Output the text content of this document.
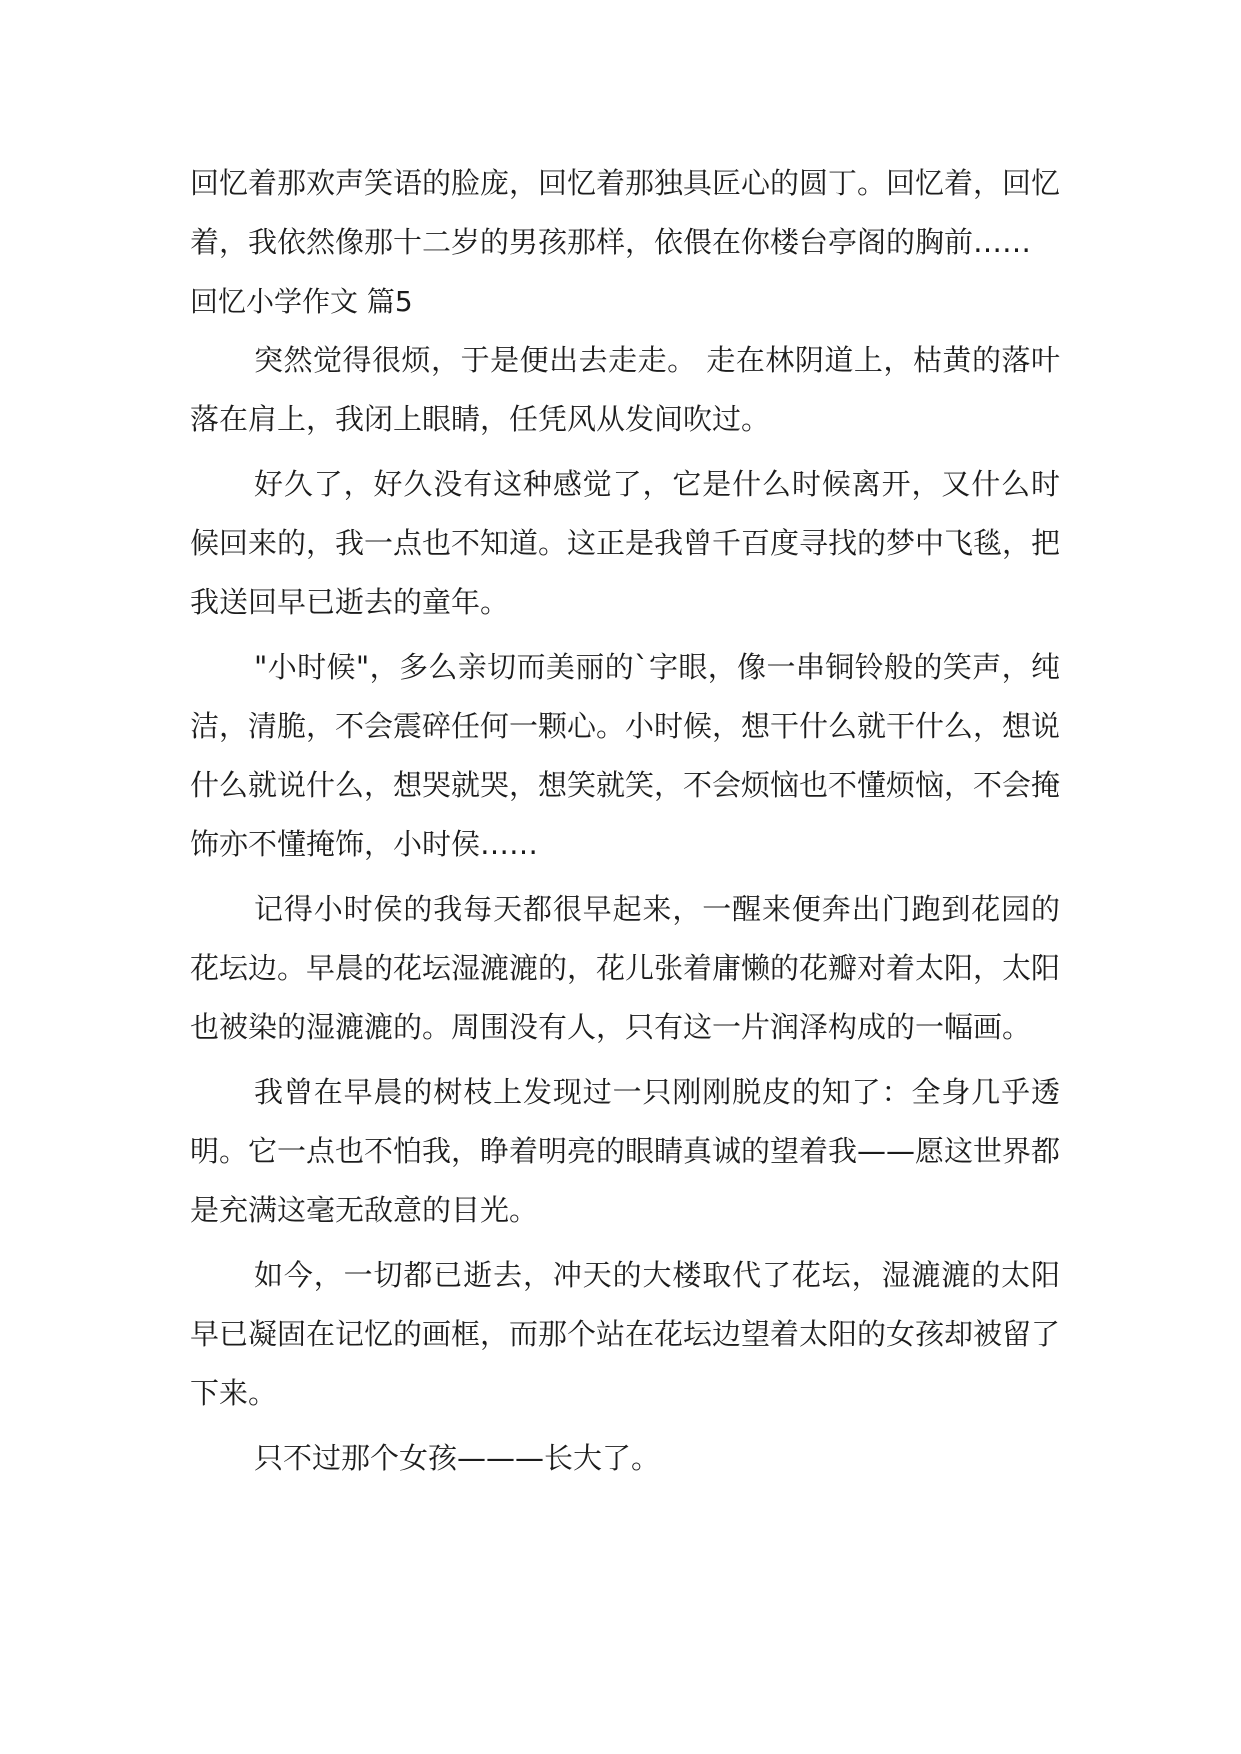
回忆着那欢声笑语的脸庞，回忆着那独具匠心的圆丁。回忆着，回忆着，我依然像那十二岁的男孩那样，依偎在你楼台亭阁的胸前……

回忆小学作文 篇5

突然觉得很烦，于是便出去走走。 走在林阴道上，枯黄的落叶落在肩上，我闭上眼睛，任凭风从发间吹过。

好久了，好久没有这种感觉了，它是什么时候离开，又什么时候回来的，我一点也不知道。这正是我曾千百度寻找的梦中飞毯，把我送回早已逝去的童年。

"小时候"，多么亲切而美丽的`字眼，像一串铜铃般的笑声，纯洁，清脆，不会震碎任何一颗心。小时候，想干什么就干什么，想说什么就说什么，想哭就哭，想笑就笑，不会烦恼也不懂烦恼，不会掩饰亦不懂掩饰，小时侯……

记得小时侯的我每天都很早起来，一醒来便奔出门跑到花园的花坛边。早晨的花坛湿漉漉的，花儿张着庸懒的花瓣对着太阳，太阳也被染的湿漉漉的。周围没有人，只有这一片润泽构成的一幅画。

我曾在早晨的树枝上发现过一只刚刚脱皮的知了：全身几乎透明。它一点也不怕我，睁着明亮的眼睛真诚的望着我——愿这世界都是充满这毫无敌意的目光。

如今，一切都已逝去，冲天的大楼取代了花坛，湿漉漉的太阳早已凝固在记忆的画框，而那个站在花坛边望着太阳的女孩却被留了下来。

只不过那个女孩———长大了。
